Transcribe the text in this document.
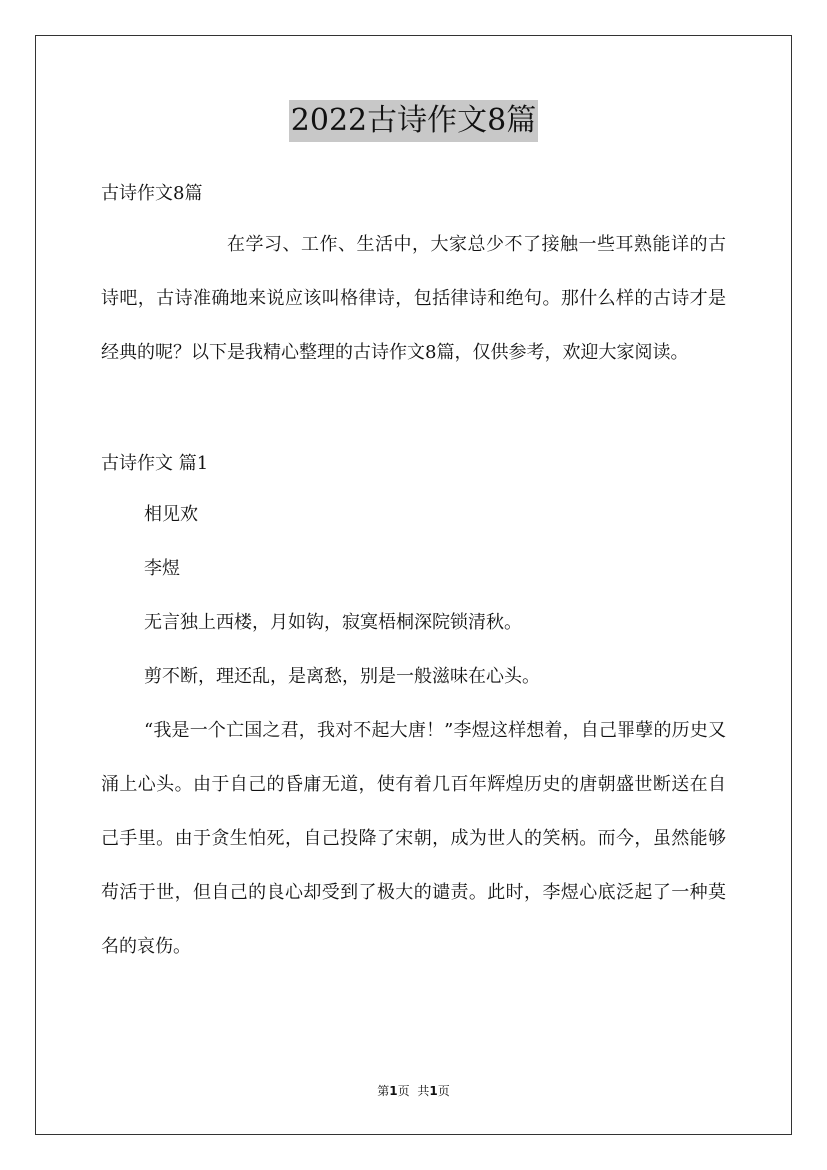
2022古诗作文8篇

古诗作文8篇

在学习、工作、生活中，大家总少不了接触一些耳熟能详的古诗吧，古诗准确地来说应该叫格律诗，包括律诗和绝句。那什么样的古诗才是经典的呢？以下是我精心整理的古诗作文8篇，仅供参考，欢迎大家阅读。

古诗作文 篇1

相见欢

李煜

无言独上西楼，月如钩，寂寞梧桐深院锁清秋。

剪不断，理还乱，是离愁，别是一般滋味在心头。

“我是一个亡国之君，我对不起大唐！”李煜这样想着，自己罪孽的历史又涌上心头。由于自己的昏庸无道，使有着几百年辉煌历史的唐朝盛世断送在自己手里。由于贪生怕死，自己投降了宋朝，成为世人的笑柄。而今，虽然能够苟活于世，但自己的良心却受到了极大的谴责。此时，李煜心底泛起了一种莫名的哀伤。

第1页 共1页
